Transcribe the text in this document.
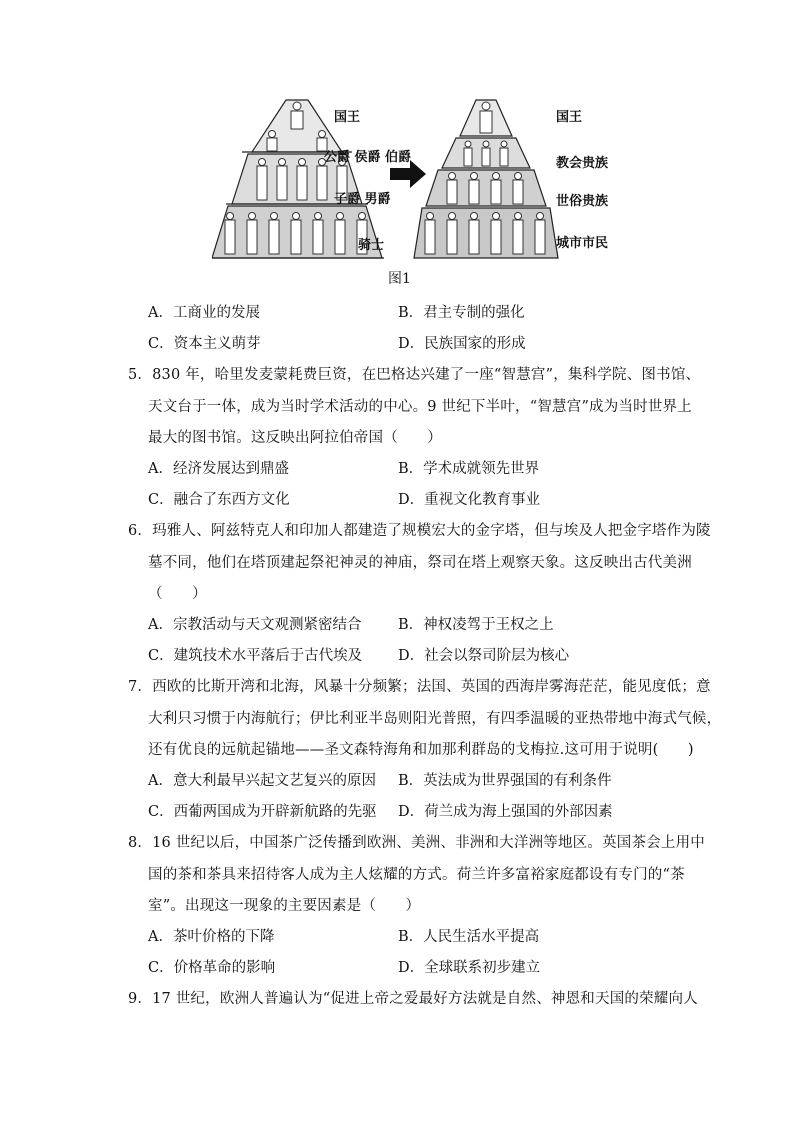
国王
公爵 侯爵 伯爵
子爵 男爵
骑士
国王
教会贵族
世俗贵族
城市市民
图1
A．工商业的发展	B．君主专制的强化
C．资本主义萌芽	D．民族国家的形成
5．830 年，哈里发麦蒙耗费巨资，在巴格达兴建了一座“智慧宫”，集科学院、图书馆、
天文台于一体，成为当时学术活动的中心。9 世纪下半叶，“智慧宫”成为当时世界上
最大的图书馆。这反映出阿拉伯帝国（　　）
A．经济发展达到鼎盛	B．学术成就领先世界
C．融合了东西方文化	D．重视文化教育事业
6．玛雅人、阿兹特克人和印加人都建造了规模宏大的金字塔，但与埃及人把金字塔作为陵
墓不同，他们在塔顶建起祭祀神灵的神庙，祭司在塔上观察天象。这反映出古代美洲
（　　）
A．宗教活动与天文观测紧密结合	B．神权凌驾于王权之上
C．建筑技术水平落后于古代埃及 D．社会以祭司阶层为核心
7．西欧的比斯开湾和北海，风暴十分频繁；法国、英国的西海岸雾海茫茫，能见度低；意
大利只习惯于内海航行；伊比利亚半岛则阳光普照，有四季温暖的亚热带地中海式气候，
还有优良的远航起锚地——圣文森特海角和加那利群岛的戈梅拉.这可用于说明(　　)
A．意大利最早兴起文艺复兴的原因 B．英法成为世界强国的有利条件
C．西葡两国成为开辟新航路的先驱 D．荷兰成为海上强国的外部因素
8．16 世纪以后，中国茶广泛传播到欧洲、美洲、非洲和大洋洲等地区。英国茶会上用中
国的茶和茶具来招待客人成为主人炫耀的方式。荷兰许多富裕家庭都设有专门的“茶
室”。出现这一现象的主要因素是（　　）
A．茶叶价格的下降	B．人民生活水平提高
C．价格革命的影响	D．全球联系初步建立
9．17 世纪，欧洲人普遍认为“促进上帝之爱最好方法就是自然、神恩和天国的荣耀向人
